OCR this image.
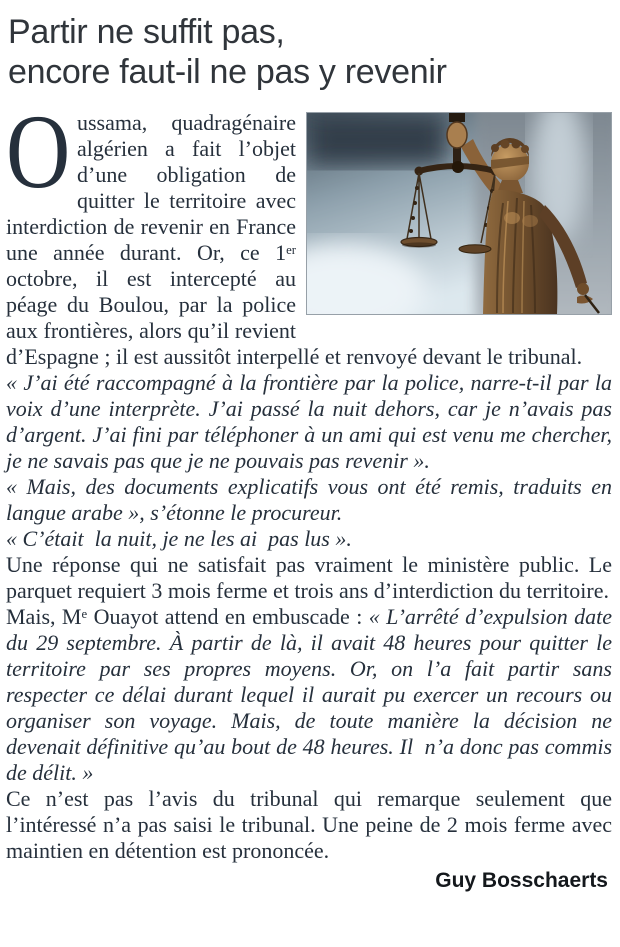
Partir ne suffit pas,
encore faut-il ne pas y revenir

O ussama, quadragénaire algérien a fait l’objet d’une obligation de quitter le territoire avec interdiction de revenir en France une année durant. Or, ce 1er octobre, il est intercepté au péage du Boulou, par la police aux frontières, alors qu’il revient d’Espagne ; il est aussitôt interpellé et renvoyé devant le tribunal.

« J’ai été raccompagné à la frontière par la police, narre-t-il par la voix d’une interprète. J’ai passé la nuit dehors, car je n’avais pas d’argent. J’ai fini par téléphoner à un ami qui est venu me chercher, je ne savais pas que je ne pouvais pas revenir ».

« Mais, des documents explicatifs vous ont été remis, traduits en langue arabe », s’étonne le procureur.

« C’était  la nuit, je ne les ai  pas lus ».

Une réponse qui ne satisfait pas vraiment le ministère public. Le parquet requiert 3 mois ferme et trois ans d’interdiction du territoire.

Mais, Me Ouayot attend en embuscade : « L’arrêté d’expulsion date du 29 septembre. À partir de là, il avait 48 heures pour quitter le territoire par ses propres moyens. Or, on l’a fait partir sans respecter ce délai durant lequel il aurait pu exercer un recours ou organiser son voyage. Mais, de toute manière la décision ne devenait définitive qu’au bout de 48 heures. Il  n’a donc pas commis de délit. »

Ce n’est pas l’avis du tribunal qui remarque seulement que l’intéressé n’a pas saisi le tribunal. Une peine de 2 mois ferme avec maintien en détention est prononcée.

Guy Bosschaerts
